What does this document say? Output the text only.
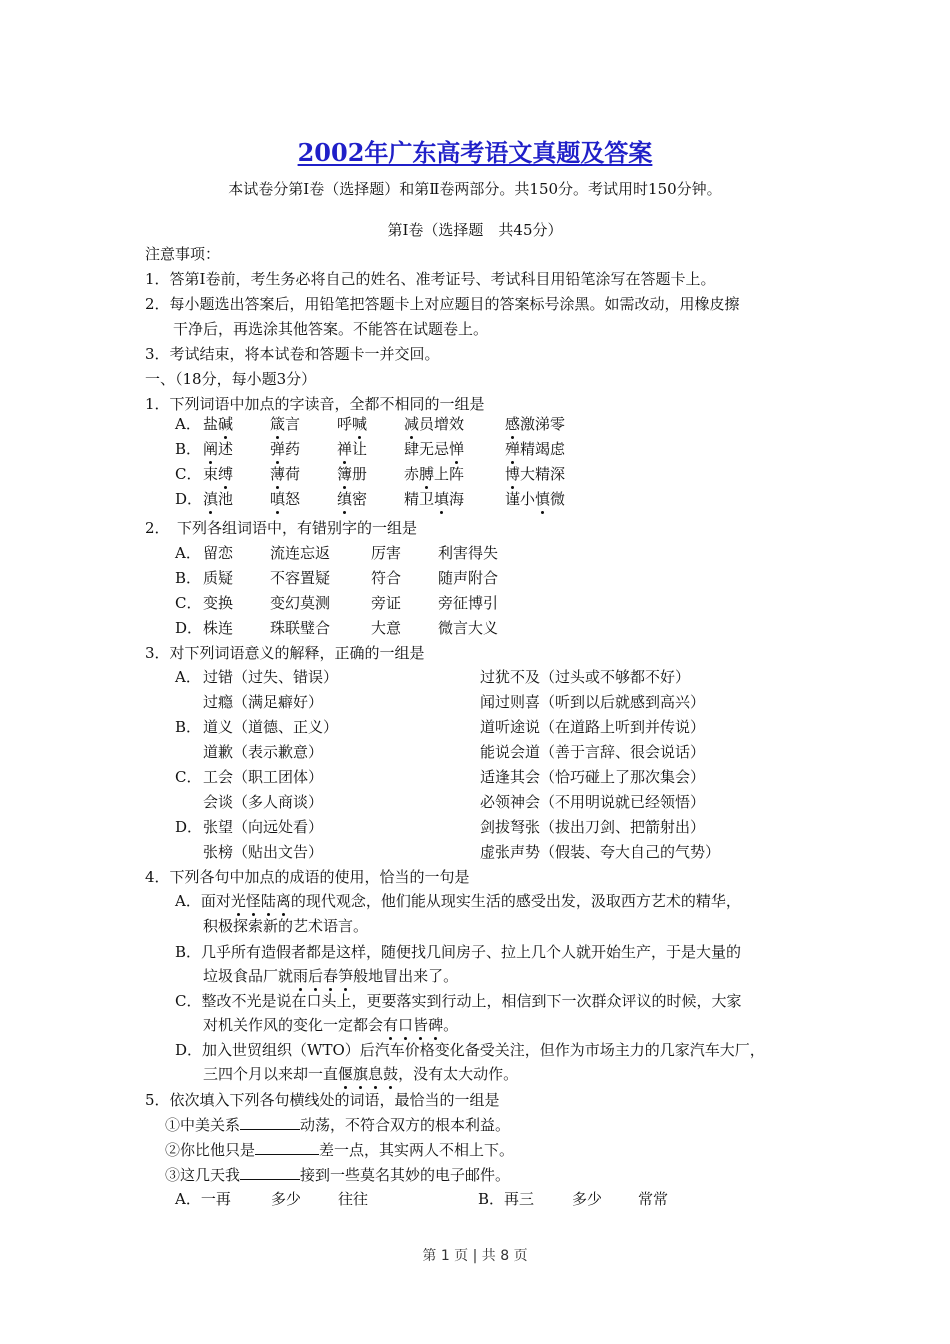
2002年广东高考语文真题及答案
本试卷分第Ⅰ卷（选择题）和第Ⅱ卷两部分。共150分。考试用时150分钟。
第Ⅰ卷（选择题　共45分）
注意事项：
1．答第Ⅰ卷前，考生务必将自己的姓名、准考证号、考试科目用铅笔涂写在答题卡上。
2．每小题选出答案后，用铅笔把答题卡上对应题目的答案标号涂黑。如需改动，用橡皮擦
干净后，再选涂其他答案。不能答在试题卷上。
3．考试结束，将本试卷和答题卡一并交回。
一、（18分，每小题3分）
1．下列词语中加点的字读音，全都不相同的一组是
A． 盐碱 箴言 呼喊 减员增效	感激涕零
B． 阐述 弹药 禅让 肆无忌惮	殚精竭虑
C． 束缚 薄荷 簿册 赤膊上阵	博大精深
D． 滇池 嗔怒 缜密 精卫填海	谨小慎微
2．　下列各组词语中，有错别字的一组是
A． 留恋 流连忘返	厉害 利害得失
B． 质疑 不容置疑	符合 随声附合
C． 变换 变幻莫测	旁证 旁征博引
D． 株连 珠联璧合	大意 微言大义
3．对下列词语意义的解释，正确的一组是
A． 过错（过失、错误）	过犹不及（过头或不够都不好）
过瘾（满足癖好）	闻过则喜（听到以后就感到高兴）
B． 道义（道德、正义）	道听途说（在道路上听到并传说）
道歉（表示歉意）	能说会道（善于言辞、很会说话）
C． 工会（职工团体）	适逢其会（恰巧碰上了那次集会）
会谈（多人商谈）	必领神会（不用明说就已经领悟）
D． 张望（向远处看）	剑拔弩张（拔出刀剑、把箭射出）
张榜（贴出文告）	虚张声势（假装、夸大自己的气势）
4．下列各句中加点的成语的使用，恰当的一句是
A．面对光怪陆离的现代观念，他们能从现实生活的感受出发，汲取西方艺术的精华，
积极探索新的艺术语言。
B．几乎所有造假者都是这样，随便找几间房子、拉上几个人就开始生产，于是大量的
垃圾食品厂就雨后春笋般地冒出来了。
C．整改不光是说在口头上，更要落实到行动上，相信到下一次群众评议的时候，大家
对机关作风的变化一定都会有口皆碑。
D．加入世贸组织（WTO）后汽车价格变化备受关注，但作为市场主力的几家汽车大厂，
三四个月以来却一直偃旗息鼓，没有太大动作。
5．依次填入下列各句横线处的词语，最恰当的一组是
①中美关系	动荡，不符合双方的根本利益。
②你比他只是	差一点，其实两人不相上下。
③这几天我	接到一些莫名其妙的电子邮件。
A．一再	多少 往往	B．再三	多少 常常
第 1 页 | 共 8 页
